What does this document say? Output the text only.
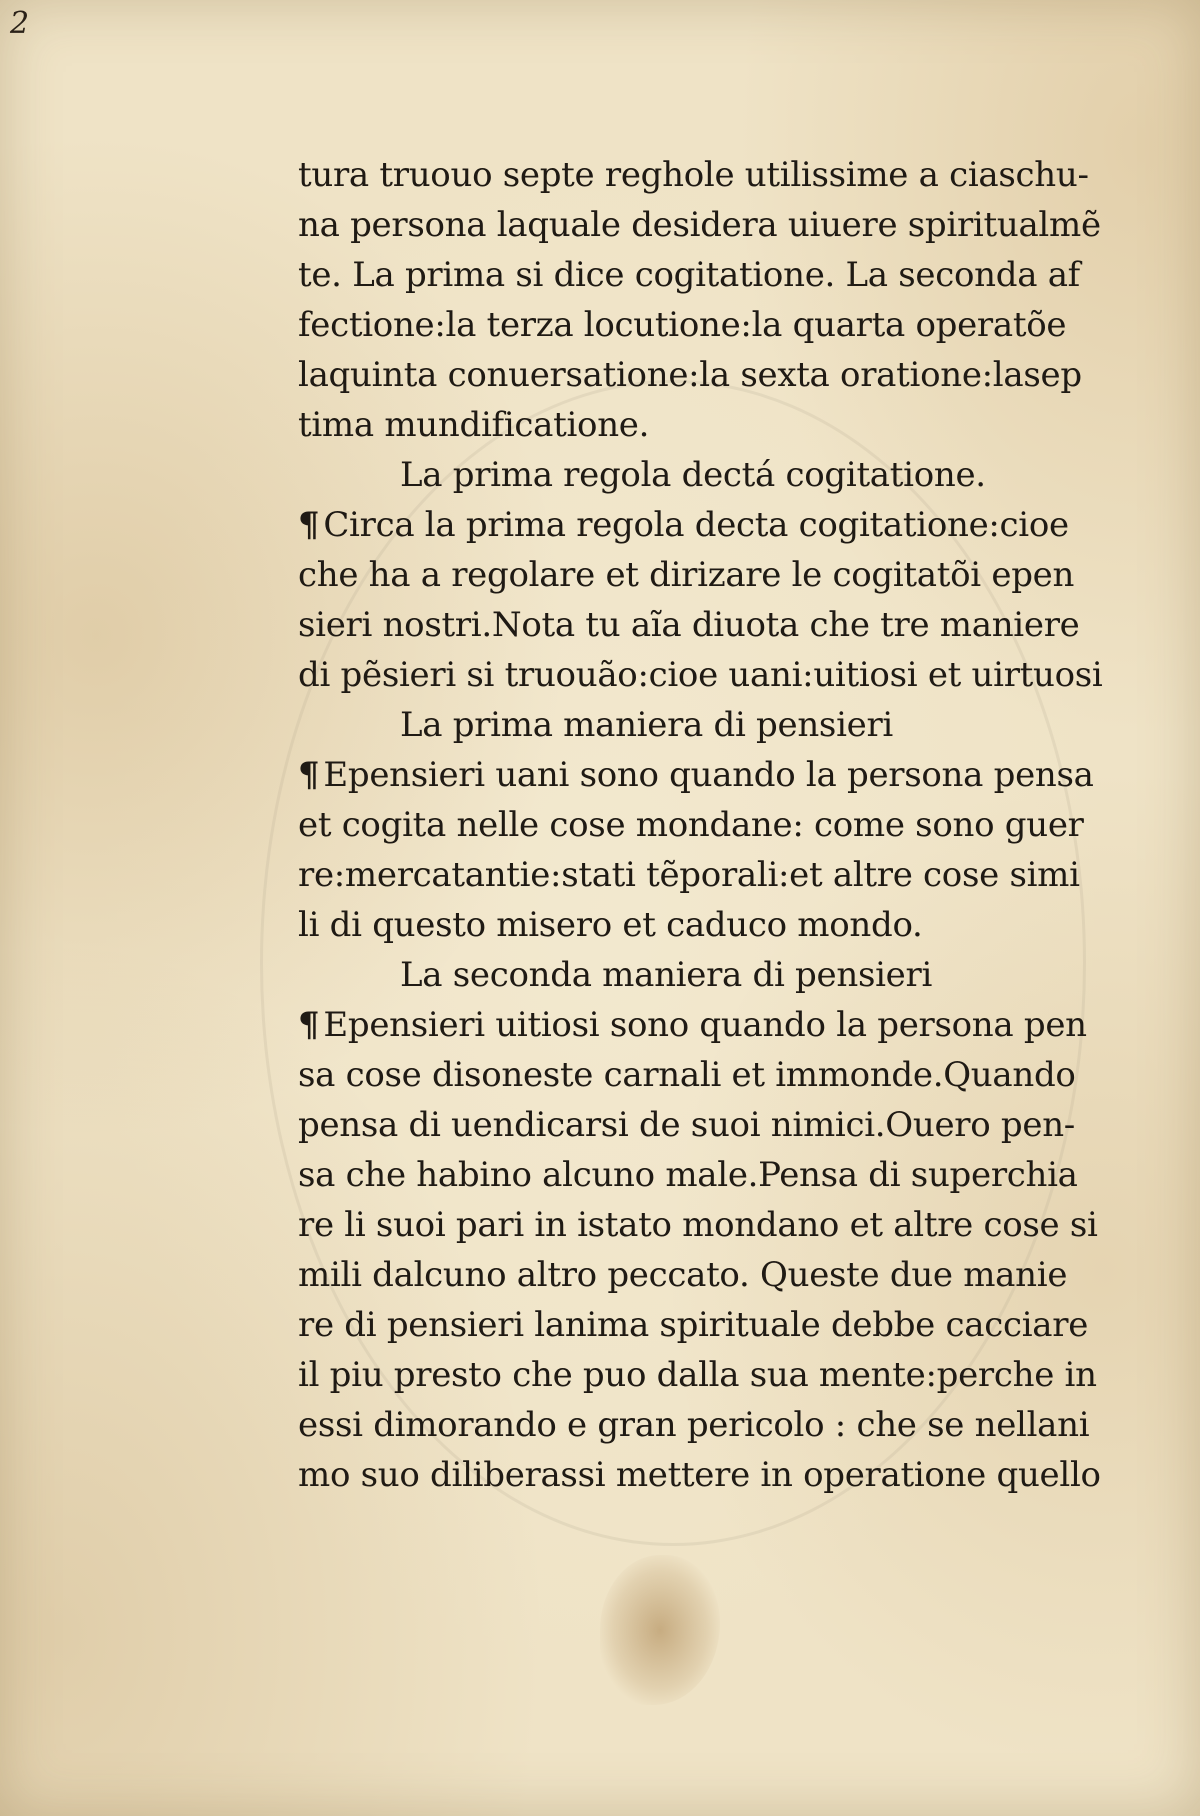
2
tura truouo septe reghole utilissime a ciaschu-
na persona laquale desidera uiuere spiritualmẽ
te. La prima si dice cogitatione. La seconda af
fectione:la terza locutione:la quarta operatõe
laquinta conuersatione:la sexta oratione:lasep
tima mundificatione.
La prima regola dectá cogitatione.
¶ Circa la prima regola decta cogitatione:cioe
che ha a regolare et dirizare le cogitatõi epen
sieri nostri.Nota tu aĩa diuota che tre maniere
di pẽsieri si truouão:cioe uani:uitiosi et uirtuosi
La prima maniera di pensieri
¶ Epensieri uani sono quando la persona pensa
et cogita nelle cose mondane: come sono guer
re:mercatantie:stati tẽporali:et altre cose simi
li di questo misero et caduco mondo.
La seconda maniera di pensieri
¶ Epensieri uitiosi sono quando la persona pen
sa cose disoneste carnali et immonde.Quando
pensa di uendicarsi de suoi nimici.Ouero pen-
sa che habino alcuno male.Pensa di superchia
re li suoi pari in istato mondano et altre cose si
mili dalcuno altro peccato. Queste due manie
re di pensieri lanima spirituale debbe cacciare
il piu presto che puo dalla sua mente:perche in
essi dimorando e gran pericolo : che se nellani
mo suo diliberassi mettere in operatione quello
